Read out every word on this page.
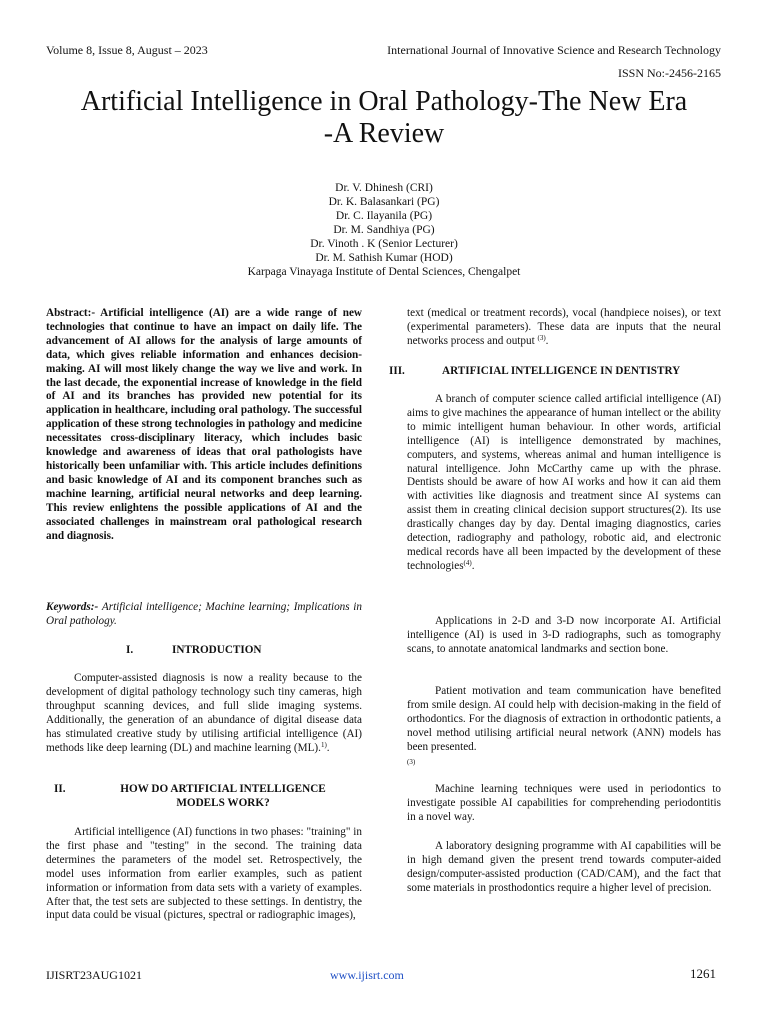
Volume 8, Issue 8, August – 2023	International Journal of Innovative Science and Research Technology
ISSN No:-2456-2165
Artificial Intelligence in Oral Pathology-The New Era
-A Review
Dr. V. Dhinesh (CRI)
Dr. K. Balasankari (PG)
Dr. C. Ilayanila (PG)
Dr. M. Sandhiya (PG)
Dr. Vinoth . K (Senior Lecturer)
Dr. M. Sathish Kumar (HOD)
Karpaga Vinayaga Institute of Dental Sciences, Chengalpet

Abstract:- Artificial intelligence (AI) are a wide range of new technologies that continue to have an impact on daily life. The advancement of AI allows for the analysis of large amounts of data, which gives reliable information and enhances decision-making. AI will most likely change the way we live and work. In the last decade, the exponential increase of knowledge in the field of AI and its branches has provided new potential for its application in healthcare, including oral pathology. The successful application of these strong technologies in pathology and medicine necessitates cross-disciplinary literacy, which includes basic knowledge and awareness of ideas that oral pathologists have historically been unfamiliar with. This article includes definitions and basic knowledge of AI and its component branches such as machine learning, artificial neural networks and deep learning. This review enlightens the possible applications of AI and the associated challenges in mainstream oral pathological research and diagnosis.

Keywords:- Artificial intelligence; Machine learning; Implications in Oral pathology.

I.	INTRODUCTION

Computer-assisted diagnosis is now a reality because to the development of digital pathology technology such tiny cameras, high throughput scanning devices, and full slide imaging systems. Additionally, the generation of an abundance of digital disease data has stimulated creative study by utilising artificial intelligence (AI) methods like deep learning (DL) and machine learning (ML).$^{1)}$.

II.	HOW DO ARTIFICIAL INTELLIGENCE
MODELS WORK?

Artificial intelligence (AI) functions in two phases: "training" in the first phase and "testing" in the second. The training data determines the parameters of the model set. Retrospectively, the model uses information from earlier examples, such as patient information or information from data sets with a variety of examples. After that, the test sets are subjected to these settings. In dentistry, the input data could be visual (pictures, spectral or radiographic images),

text (medical or treatment records), vocal (handpiece noises), or text (experimental parameters). These data are inputs that the neural networks process and output $^{(3)}$.

III.	ARTIFICIAL INTELLIGENCE IN DENTISTRY

A branch of computer science called artificial intelligence (AI) aims to give machines the appearance of human intellect or the ability to mimic intelligent human behaviour. In other words, artificial intelligence (AI) is intelligence demonstrated by machines, computers, and systems, whereas animal and human intelligence is natural intelligence. John McCarthy came up with the phrase. Dentists should be aware of how AI works and how it can aid them with activities like diagnosis and treatment since AI systems can assist them in creating clinical decision support structures(2). Its use drastically changes day by day. Dental imaging diagnostics, caries detection, radiography and pathology, robotic aid, and electronic medical records have all been impacted by the development of these technologies$^{(4)}$.

Applications in 2-D and 3-D now incorporate AI. Artificial intelligence (AI) is used in 3-D radiographs, such as tomography scans, to annotate anatomical landmarks and section bone.

Patient motivation and team communication have benefited from smile design. AI could help with decision-making in the field of orthodontics. For the diagnosis of extraction in orthodontic patients, a novel method utilising artificial neural network (ANN) models has been presented.
(3)

Machine learning techniques were used in periodontics to investigate possible AI capabilities for comprehending periodontitis in a novel way.

A laboratory designing programme with AI capabilities will be in high demand given the present trend towards computer-aided design/computer-assisted production (CAD/CAM), and the fact that some materials in prosthodontics require a higher level of precision.

IJISRT23AUG1021	www.ijisrt.com	1261
